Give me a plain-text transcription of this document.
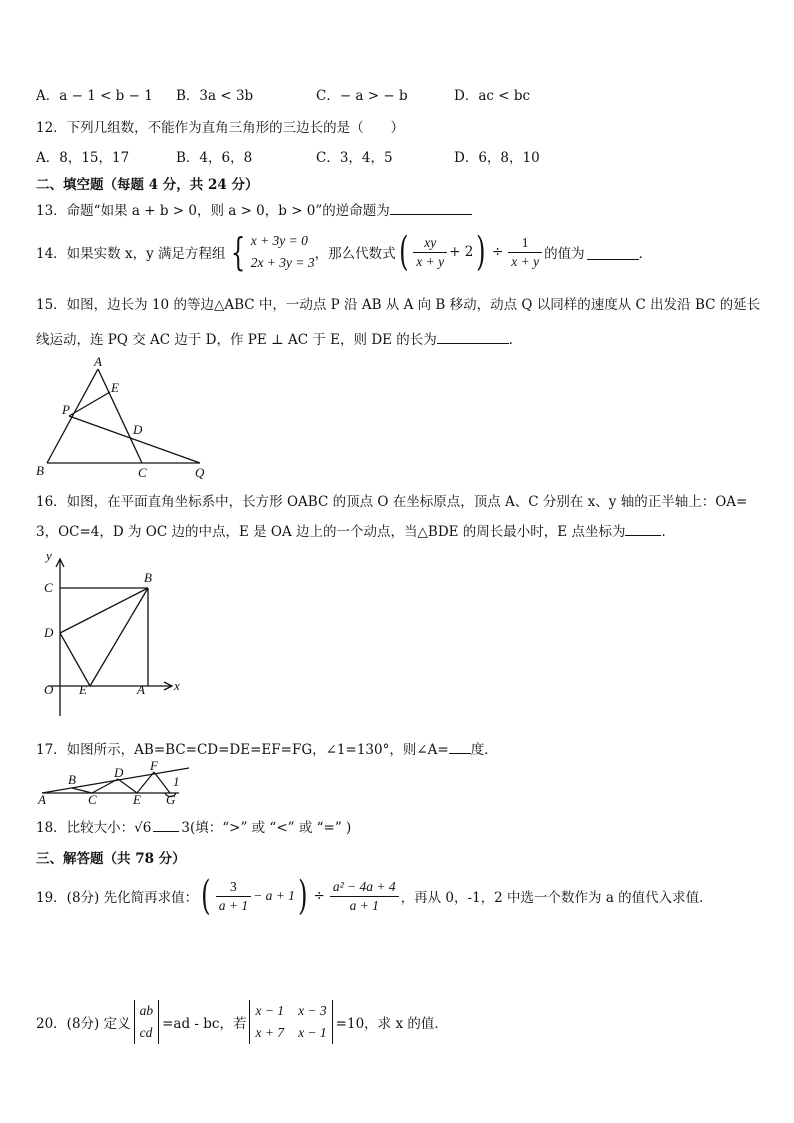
A．a − 1 < b − 1 B．3a < 3b	C．− a > − b	D．ac < bc
12．下列几组数，不能作为直角三角形的三边长的是（　　）
A．8，15，17	B．4，6，8	C．3，4，5	D．6，8，10
二、填空题（每题 4 分，共 24 分）
13．命题“如果 a + b > 0，则 a > 0，b > 0”的逆命题为
14．如果实数 x，y 满足方程组 { x + 3y = 0
2x + 3y = 3
，那么代数式 ( $\frac{xy}{x + y} + 2$ ) ÷ $\frac{1}{x + y}$ 的值为	．
15．如图，边长为 10 的等边△ABC 中，一动点 P 沿 AB 从 A 向 B 移动，动点 Q 以同样的速度从 C 出发沿 BC 的延长
线运动，连 PQ 交 AC 边于 D，作 PE ⊥ AC 于 E，则 DE 的长为	．
A
E
P
D
B	C	Q
16．如图，在平面直角坐标系中，长方形 OABC 的顶点 O 在坐标原点，顶点 A、C 分别在 x、y 轴的正半轴上：OA=
3，OC=4，D 为 OC 边的中点，E 是 OA 边上的一个动点，当△BDE 的周长最小时，E 点坐标为	．
y
x
C
B
D
O E	A
17．如图所示，AB=BC=CD=DE=EF=FG，∠1=130°，则∠A= 度．
A
B
C
D
E
F
G
1
18．比较大小：√6 3(填：“>” 或 “<” 或 “=” )
三、解答题（共 78 分）
19．(8分) 先化简再求值： ( $\frac{3}{a + 1} - a + 1$ ) ÷ $\frac{\text{a² − 4a + 4}}{a + 1}$ ，再从 0，-1，2 中选一个数作为 a 的值代入求值．
20．(8分) 定义
ab
cd
=ad - bc，若
x − 1 x − 3
x + 7 x − 1
=10，求 x 的值．
